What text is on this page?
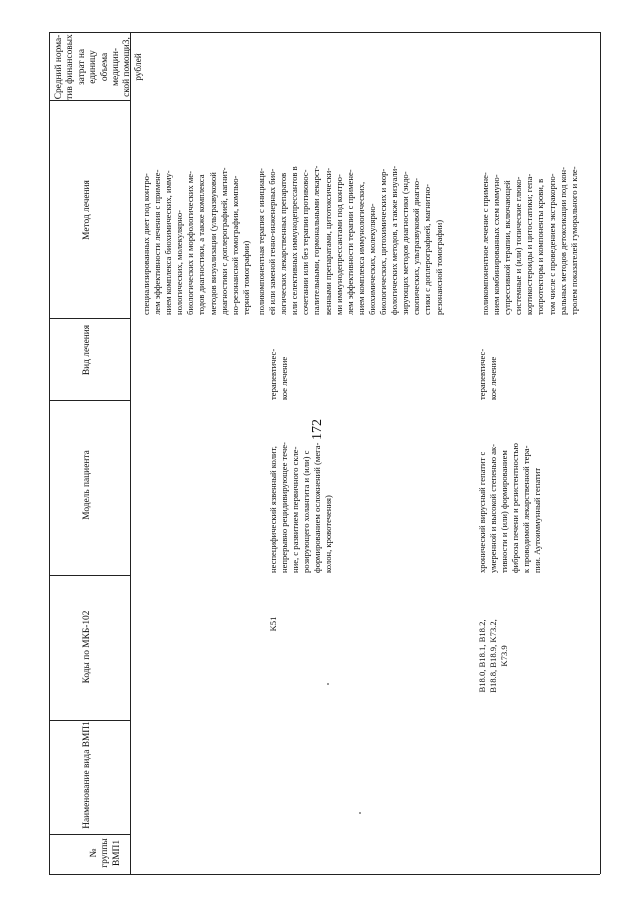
172
Средний норма-
тив финансовых
затрат на единицу
объема медицин-
ской помощи3,
рублей
Метод лечения
Вид лечения
Модель пациента
Коды по МКБ-102
Наименование вида ВМП1
№
группы
ВМП1
специализированных диет под контро-
лем эффективности лечения с примене-
нием комплекса биохимических, имму-
нологических, молекулярно-
биологических и морфологических ме-
тодов диагностики, а также комплекса
методов визуализации (ультразвуковой
диагностики с доплерографией, магнит-
но-резонансной томографии, компью-
терной томографии)
K51
неспецифический язвенный колит,
непрерывно рецидивирующее тече-
ние, с развитием первичного скле-
розирующего холангита и (или) с
формированием осложнений (мега-
колон, кровотечения)
терапевтичес-
кое лечение
поликомпонентная терапия с инициаци-
ей или заменой генно-инженерных био-
логических лекарственных препаратов
или селективных иммунодепрессантов в
сочетании или без терапии противовос-
палительными, гормональными лекарст-
венными препаратами, цитотоксически-
ми иммунодепрессантами под контро-
лем эффективности терапии с примене-
нием комплекса иммунологических,
биохимических, молекулярно-
биологических, цитохимических и мор-
фологических методов, а также визуали-
зирующих методов диагностики (эндо-
скопических, ультразвуковой диагно-
стики с доплерографией, магнитно-
резонансной томографии)
B18.0, B18.1, B18.2,
B18.8, B18.9, K73.2,
K73.9
хронический вирусный гепатит с
умеренной и высокой степенью ак-
тивности и (или) формированием
фиброза печени и резистентностью
к проводимой лекарственной тера-
пии. Аутоиммунный гепатит
терапевтичес-
кое лечение
поликомпонентное лечение с примене-
нием комбинированных схем иммуно-
супрессивной терапии, включающей
системные и (или) топические глюко-
кортикостероиды и цитостатики; гепа-
топротекторы и компоненты крови, в
том числе с проведением экстракорпо-
ральных методов детоксикации под кон-
тролем показателей гуморального и кле-
